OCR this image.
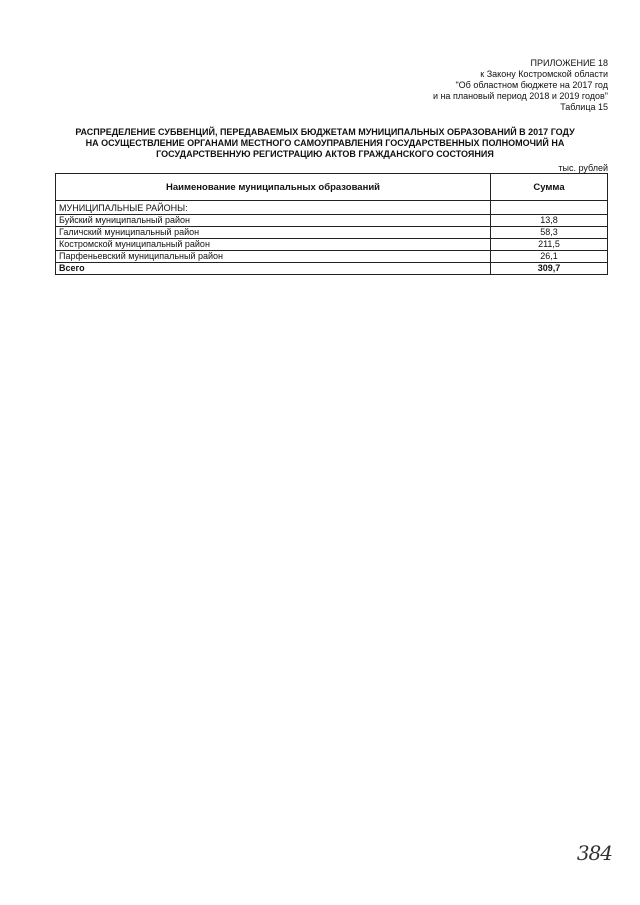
ПРИЛОЖЕНИЕ 18
к Закону Костромской области
"Об областном бюджете на 2017 год
и на плановый период 2018 и 2019 годов"
Таблица 15
РАСПРЕДЕЛЕНИЕ СУБВЕНЦИЙ, ПЕРЕДАВАЕМЫХ БЮДЖЕТАМ МУНИЦИПАЛЬНЫХ ОБРАЗОВАНИЙ В 2017 ГОДУ
НА ОСУЩЕСТВЛЕНИЕ ОРГАНАМИ МЕСТНОГО САМОУПРАВЛЕНИЯ ГОСУДАРСТВЕННЫХ ПОЛНОМОЧИЙ НА
ГОСУДАРСТВЕННУЮ РЕГИСТРАЦИЮ АКТОВ ГРАЖДАНСКОГО СОСТОЯНИЯ
тыс. рублей
Наименование муниципальных образований	Сумма
МУНИЦИПАЛЬНЫЕ РАЙОНЫ:	
Буйский муниципальный район	13,8
Галичский муниципальный район	58,3
Костромской муниципальный район	211,5
Парфеньевский муниципальный район	26,1
Всего	309,7
384
